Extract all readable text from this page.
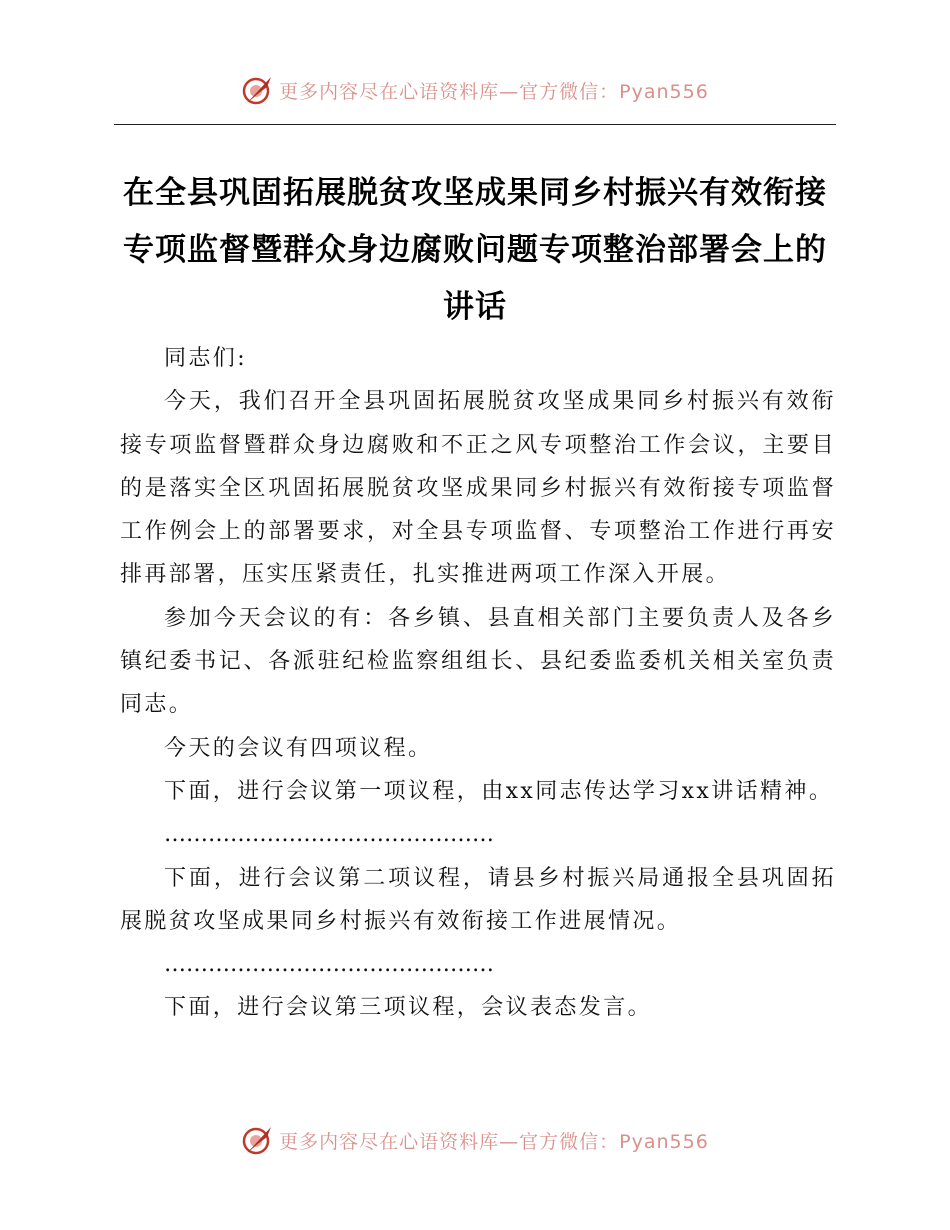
更多内容尽在心语资料库—官方微信：Pyan556
在全县巩固拓展脱贫攻坚成果同乡村振兴有效衔接专项监督暨群众身边腐败问题专项整治部署会上的讲话

同志们:

今天，我们召开全县巩固拓展脱贫攻坚成果同乡村振兴有效衔接专项监督暨群众身边腐败和不正之风专项整治工作会议，主要目的是落实全区巩固拓展脱贫攻坚成果同乡村振兴有效衔接专项监督工作例会上的部署要求，对全县专项监督、专项整治工作进行再安排再部署，压实压紧责任，扎实推进两项工作深入开展。

参加今天会议的有：各乡镇、县直相关部门主要负责人及各乡镇纪委书记、各派驻纪检监察组组长、县纪委监委机关相关室负责同志。

今天的会议有四项议程。

下面，进行会议第一项议程，由xx同志传达学习xx讲话精神。

………………………………………

下面，进行会议第二项议程，请县乡村振兴局通报全县巩固拓展脱贫攻坚成果同乡村振兴有效衔接工作进展情况。

………………………………………

下面，进行会议第三项议程，会议表态发言。

更多内容尽在心语资料库—官方微信：Pyan556
